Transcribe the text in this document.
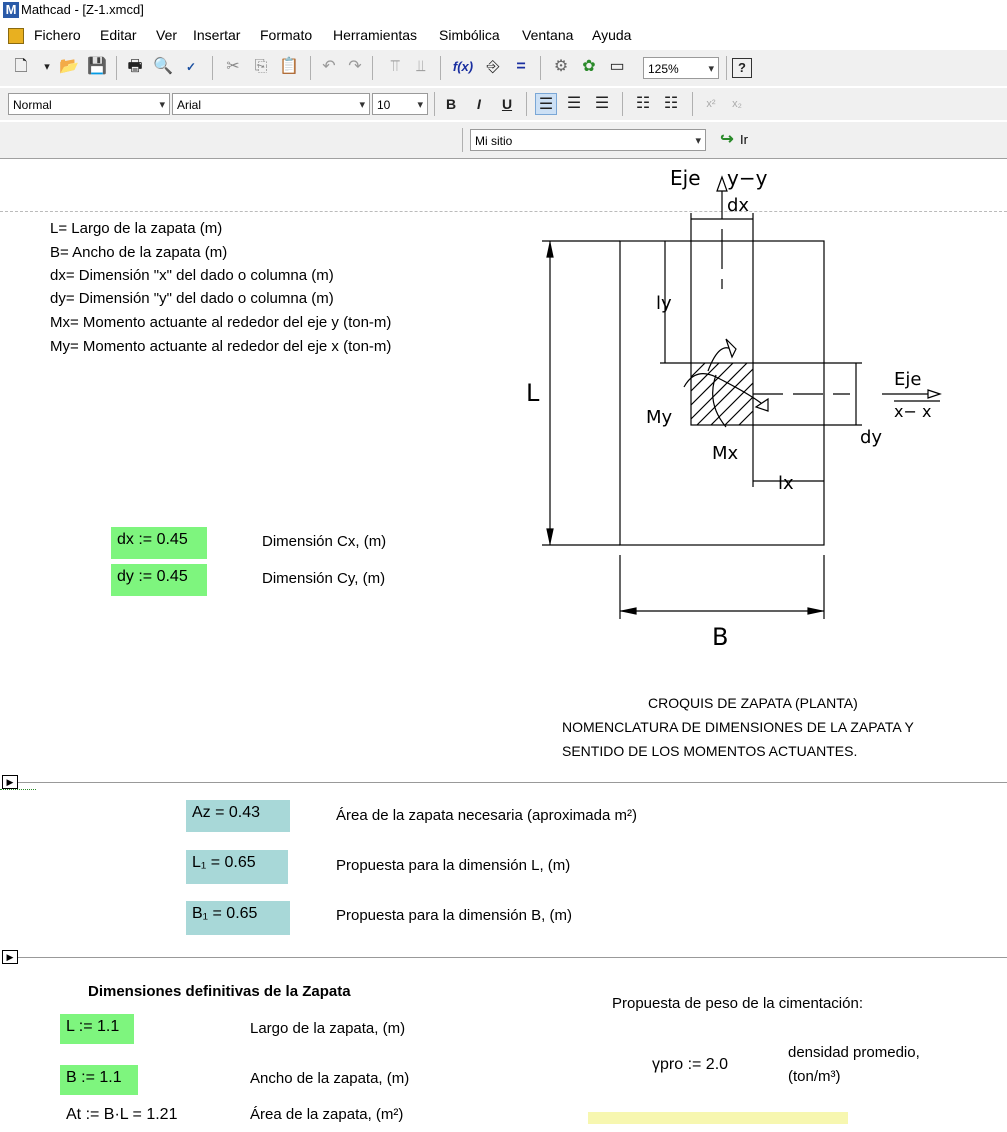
M Mathcad - [Z-1.xmcd]
Fichero Editar Ver Insertar Formato Herramientas Simbólica Ventana Ayuda
🗋	▾ 📂 💾 🖶 🔍	✓	✂ ⎘ 📋 ↶ ↷	⫪	⫫	f(x) ⎆	=	⚙ ✿ ▭	125%	▾	?
Normal	▾	Arial	▾	10 ▾	B	I	U	☰ ☰ ☰ ☷ ☷	x²	x₂
Mi sitio	▾ ↪ Ir
L= Largo de la zapata (m)
B= Ancho de la zapata (m)
dx= Dimensión "x" del dado o columna (m)
dy= Dimensión "y" del dado o columna (m)
Mx= Momento actuante al rededor del eje y (ton-m)
My= Momento actuante al rededor del eje x (ton-m)
dx := 0.45	Dimensión Cx, (m)
dy := 0.45	Dimensión Cy, (m)
Eje y−y
dx
ly
L	Eje
x− x
My
Mx
dy
lx
B
CROQUIS DE ZAPATA (PLANTA)
NOMENCLATURA DE DIMENSIONES DE LA ZAPATA Y
SENTIDO DE LOS MOMENTOS ACTUANTES.
▶
Az = 0.43	Área de la zapata necesaria (aproximada m²)
L₁ = 0.65	Propuesta para la dimensión L, (m)
B₁ = 0.65	Propuesta para la dimensión B, (m)
▶
Dimensiones definitivas de la Zapata
L := 1.1	Largo de la zapata, (m)
B := 1.1	Ancho de la zapata, (m)
At := B·L = 1.21	Área de la zapata, (m²)
Propuesta de peso de la cimentación:
γpro := 2.0
densidad promedio,
(ton/m³)
